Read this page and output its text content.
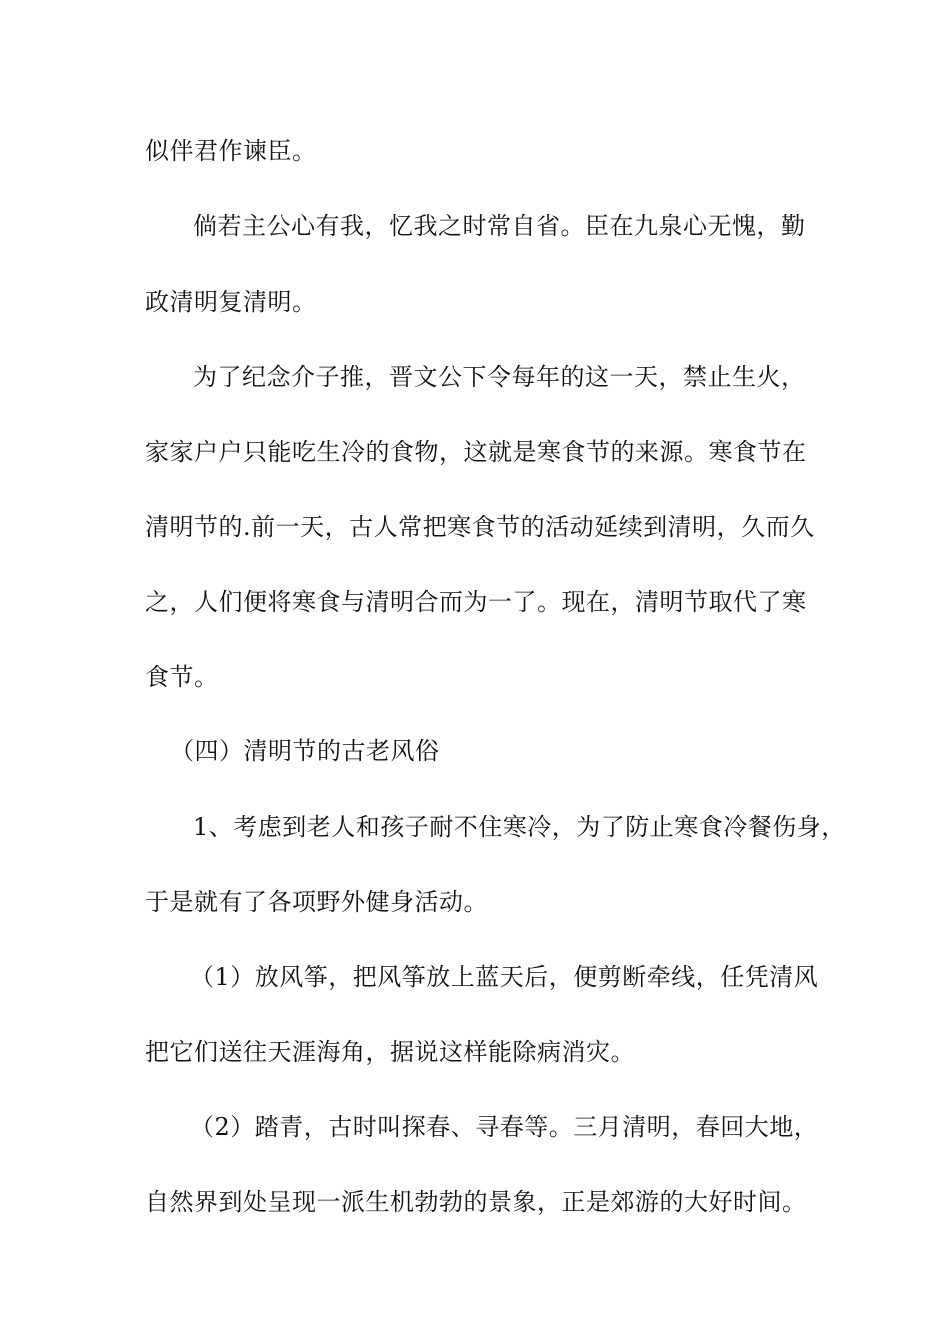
似伴君作谏臣。
倘若主公心有我，忆我之时常自省。臣在九泉心无愧，勤
政清明复清明。
为了纪念介子推，晋文公下令每年的这一天，禁止生火，
家家户户只能吃生冷的食物，这就是寒食节的来源。寒食节在
清明节的.前一天，古人常把寒食节的活动延续到清明，久而久
之，人们便将寒食与清明合而为一了。现在，清明节取代了寒
食节。
（四）清明节的古老风俗
1、考虑到老人和孩子耐不住寒冷，为了防止寒食冷餐伤身，
于是就有了各项野外健身活动。
（1）放风筝，把风筝放上蓝天后，便剪断牵线，任凭清风
把它们送往天涯海角，据说这样能除病消灾。
（2）踏青，古时叫探春、寻春等。三月清明，春回大地，
自然界到处呈现一派生机勃勃的景象，正是郊游的大好时间。
